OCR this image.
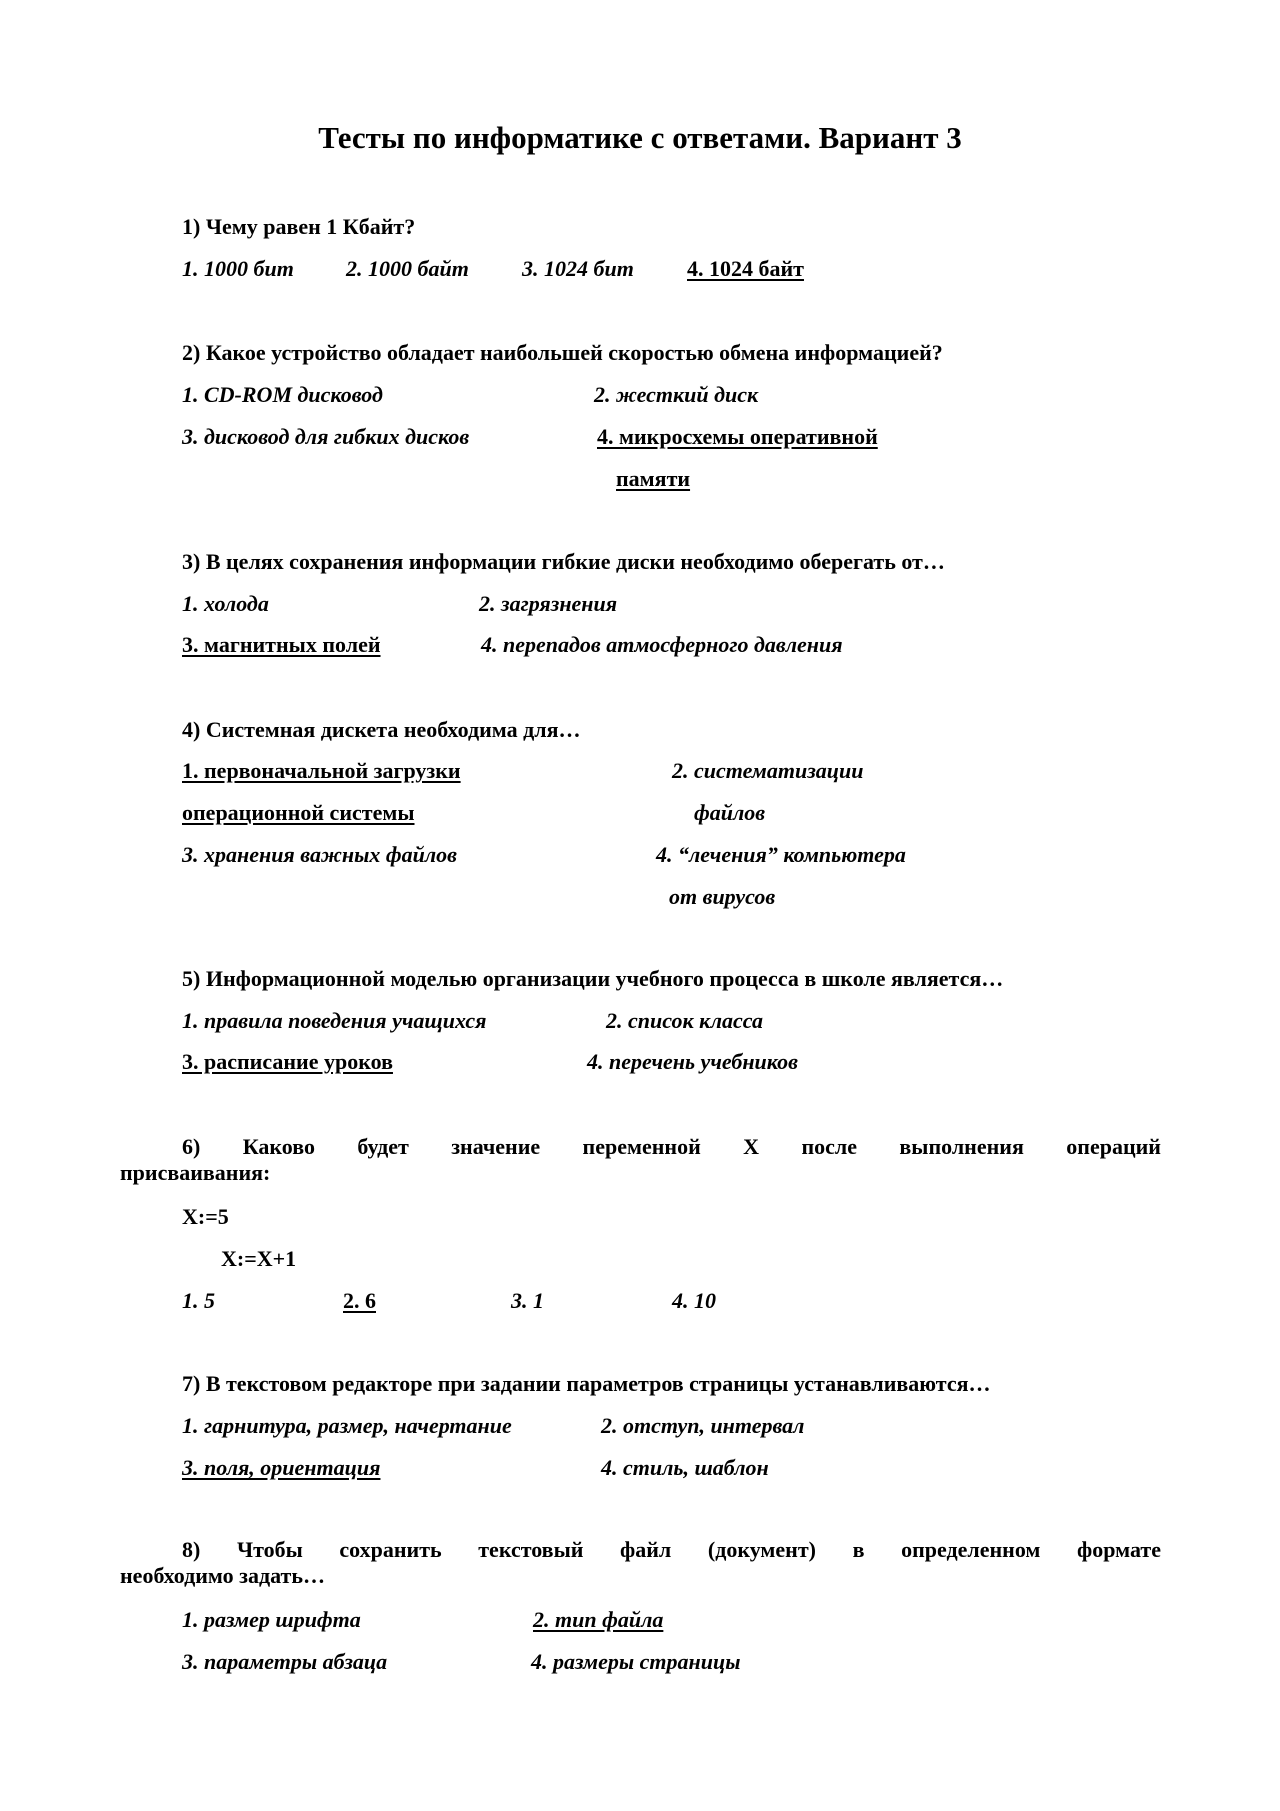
Тесты по информатике с ответами. Вариант 3
1) Чему равен 1 Кбайт?
1. 1000 бит 2. 1000 байт 3. 1024 бит 4. 1024 байт
2) Какое устройство обладает наибольшей скоростью обмена информацией?
1. CD-ROM дисковод	2. жесткий диск
3. дисковод для гибких дисков	4. микросхемы оперативной
памяти
3) В целях сохранения информации гибкие диски необходимо оберегать от…
1. холода	2. загрязнения
3. магнитных полей	4. перепадов атмосферного давления
4) Системная дискета необходима для…
1. первоначальной загрузки
операционной системы
2. систематизации
файлов
3. хранения важных файлов	4. “лечения” компьютера
от вирусов
5) Информационной моделью организации учебного процесса в школе является…
1. правила поведения учащихся	2. список класса
3. расписание уроков	4. перечень учебников
6) Каково будет значение переменной X после выполнения операций
присваивания:
X:=5
X:=X+1
1. 5	2. 6	3. 1	4. 10
7) В текстовом редакторе при задании параметров страницы устанавливаются…
1. гарнитура, размер, начертание	2. отступ, интервал
3. поля, ориентация	4. стиль, шаблон
8) Чтобы сохранить текстовый файл (документ) в определенном формате
необходимо задать…
1. размер шрифта	2. тип файла
3. параметры абзаца	4. размеры страницы
